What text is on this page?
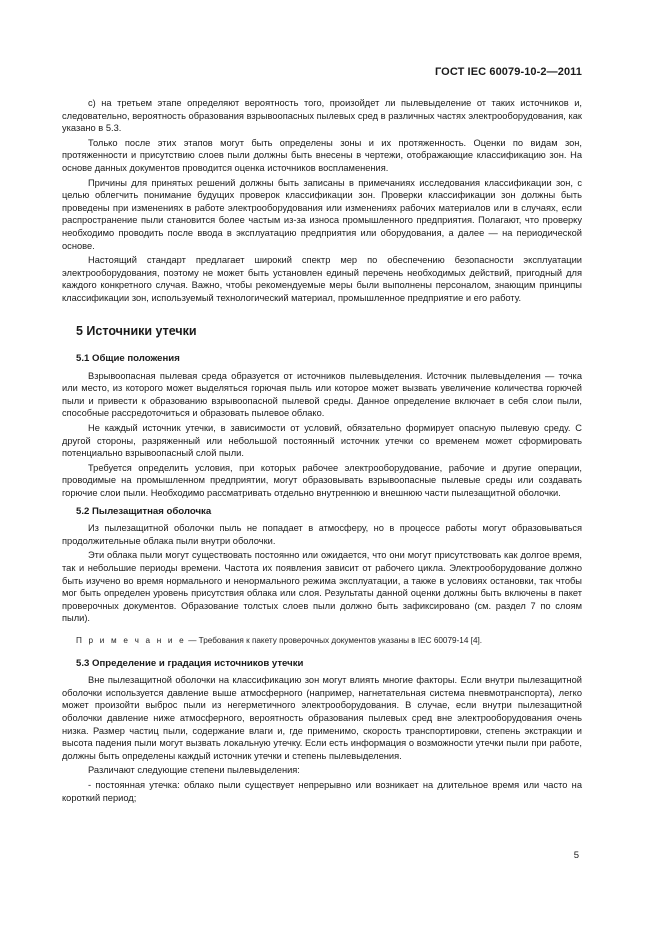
ГОСТ IEC 60079-10-2—2011

с) на третьем этапе определяют вероятность того, произойдет ли пылевыделение от таких источников и, следовательно, вероятность образования взрывоопасных пылевых сред в различных частях электрооборудования, как указано в 5.3.

Только после этих этапов могут быть определены зоны и их протяженность. Оценки по видам зон, протяженности и присутствию слоев пыли должны быть внесены в чертежи, отображающие классификацию зон. На основе данных документов проводится оценка источников воспламенения.

Причины для принятых решений должны быть записаны в примечаниях исследования классификации зон, с целью облегчить понимание будущих проверок классификации зон. Проверки классификации зон должны быть проведены при изменениях в работе электрооборудования или изменениях рабочих материалов или в случаях, если распространение пыли становится более частым из-за износа промышленного предприятия. Полагают, что проверку необходимо проводить после ввода в эксплуатацию предприятия или оборудования, а далее — на периодической основе.

Настоящий стандарт предлагает широкий спектр мер по обеспечению безопасности эксплуатации электрооборудования, поэтому не может быть установлен единый перечень необходимых действий, пригодный для каждого конкретного случая. Важно, чтобы рекомендуемые меры были выполнены персоналом, знающим принципы классификации зон, используемый технологический материал, промышленное предприятие и его работу.

5 Источники утечки
5.1 Общие положения

Взрывоопасная пылевая среда образуется от источников пылевыделения. Источник пылевыделения — точка или место, из которого может выделяться горючая пыль или которое может вызвать увеличение количества горючей пыли и привести к образованию взрывоопасной пылевой среды. Данное определение включает в себя слои пыли, способные рассредоточиться и образовать пылевое облако.

Не каждый источник утечки, в зависимости от условий, обязательно формирует опасную пылевую среду. С другой стороны, разряженный или небольшой постоянный источник утечки со временем может сформировать потенциально взрывоопасный слой пыли.

Требуется определить условия, при которых рабочее электрооборудование, рабочие и другие операции, проводимые на промышленном предприятии, могут образовывать взрывоопасные пылевые среды или создавать горючие слои пыли. Необходимо рассматривать отдельно внутреннюю и внешнюю части пылезащитной оболочки.

5.2 Пылезащитная оболочка

Из пылезащитной оболочки пыль не попадает в атмосферу, но в процессе работы могут образовываться продолжительные облака пыли внутри оболочки.

Эти облака пыли могут существовать постоянно или ожидается, что они могут присутствовать как долгое время, так и небольшие периоды времени. Частота их появления зависит от рабочего цикла. Электрооборудование должно быть изучено во время нормального и ненормального режима эксплуатации, а также в условиях остановки, так чтобы мог быть определен уровень присутствия облака или слоя. Результаты данной оценки должны быть включены в пакет проверочных документов. Образование толстых слоев пыли должно быть зафиксировано (см. раздел 7 по слоям пыли).

П р и м е ч а н и е — Требования к пакету проверочных документов указаны в IEC 60079-14 [4].

5.3 Определение и градация источников утечки

Вне пылезащитной оболочки на классификацию зон могут влиять многие факторы. Если внутри пылезащитной оболочки используется давление выше атмосферного (например, нагнетательная система пневмотранспорта), легко может произойти выброс пыли из негерметичного электрооборудования. В случае, если внутри пылезащитной оболочки давление ниже атмосферного, вероятность образования пылевых сред вне электрооборудования очень низка. Размер частиц пыли, содержание влаги и, где применимо, скорость транспортировки, степень экстракции и высота падения пыли могут вызвать локальную утечку. Если есть информация о возможности утечки пыли при работе, должны быть определены каждый источник утечки и степень пылевыделения.

Различают следующие степени пылевыделения:

- постоянная утечка: облако пыли существует непрерывно или возникает на длительное время или часто на короткий период;

5
